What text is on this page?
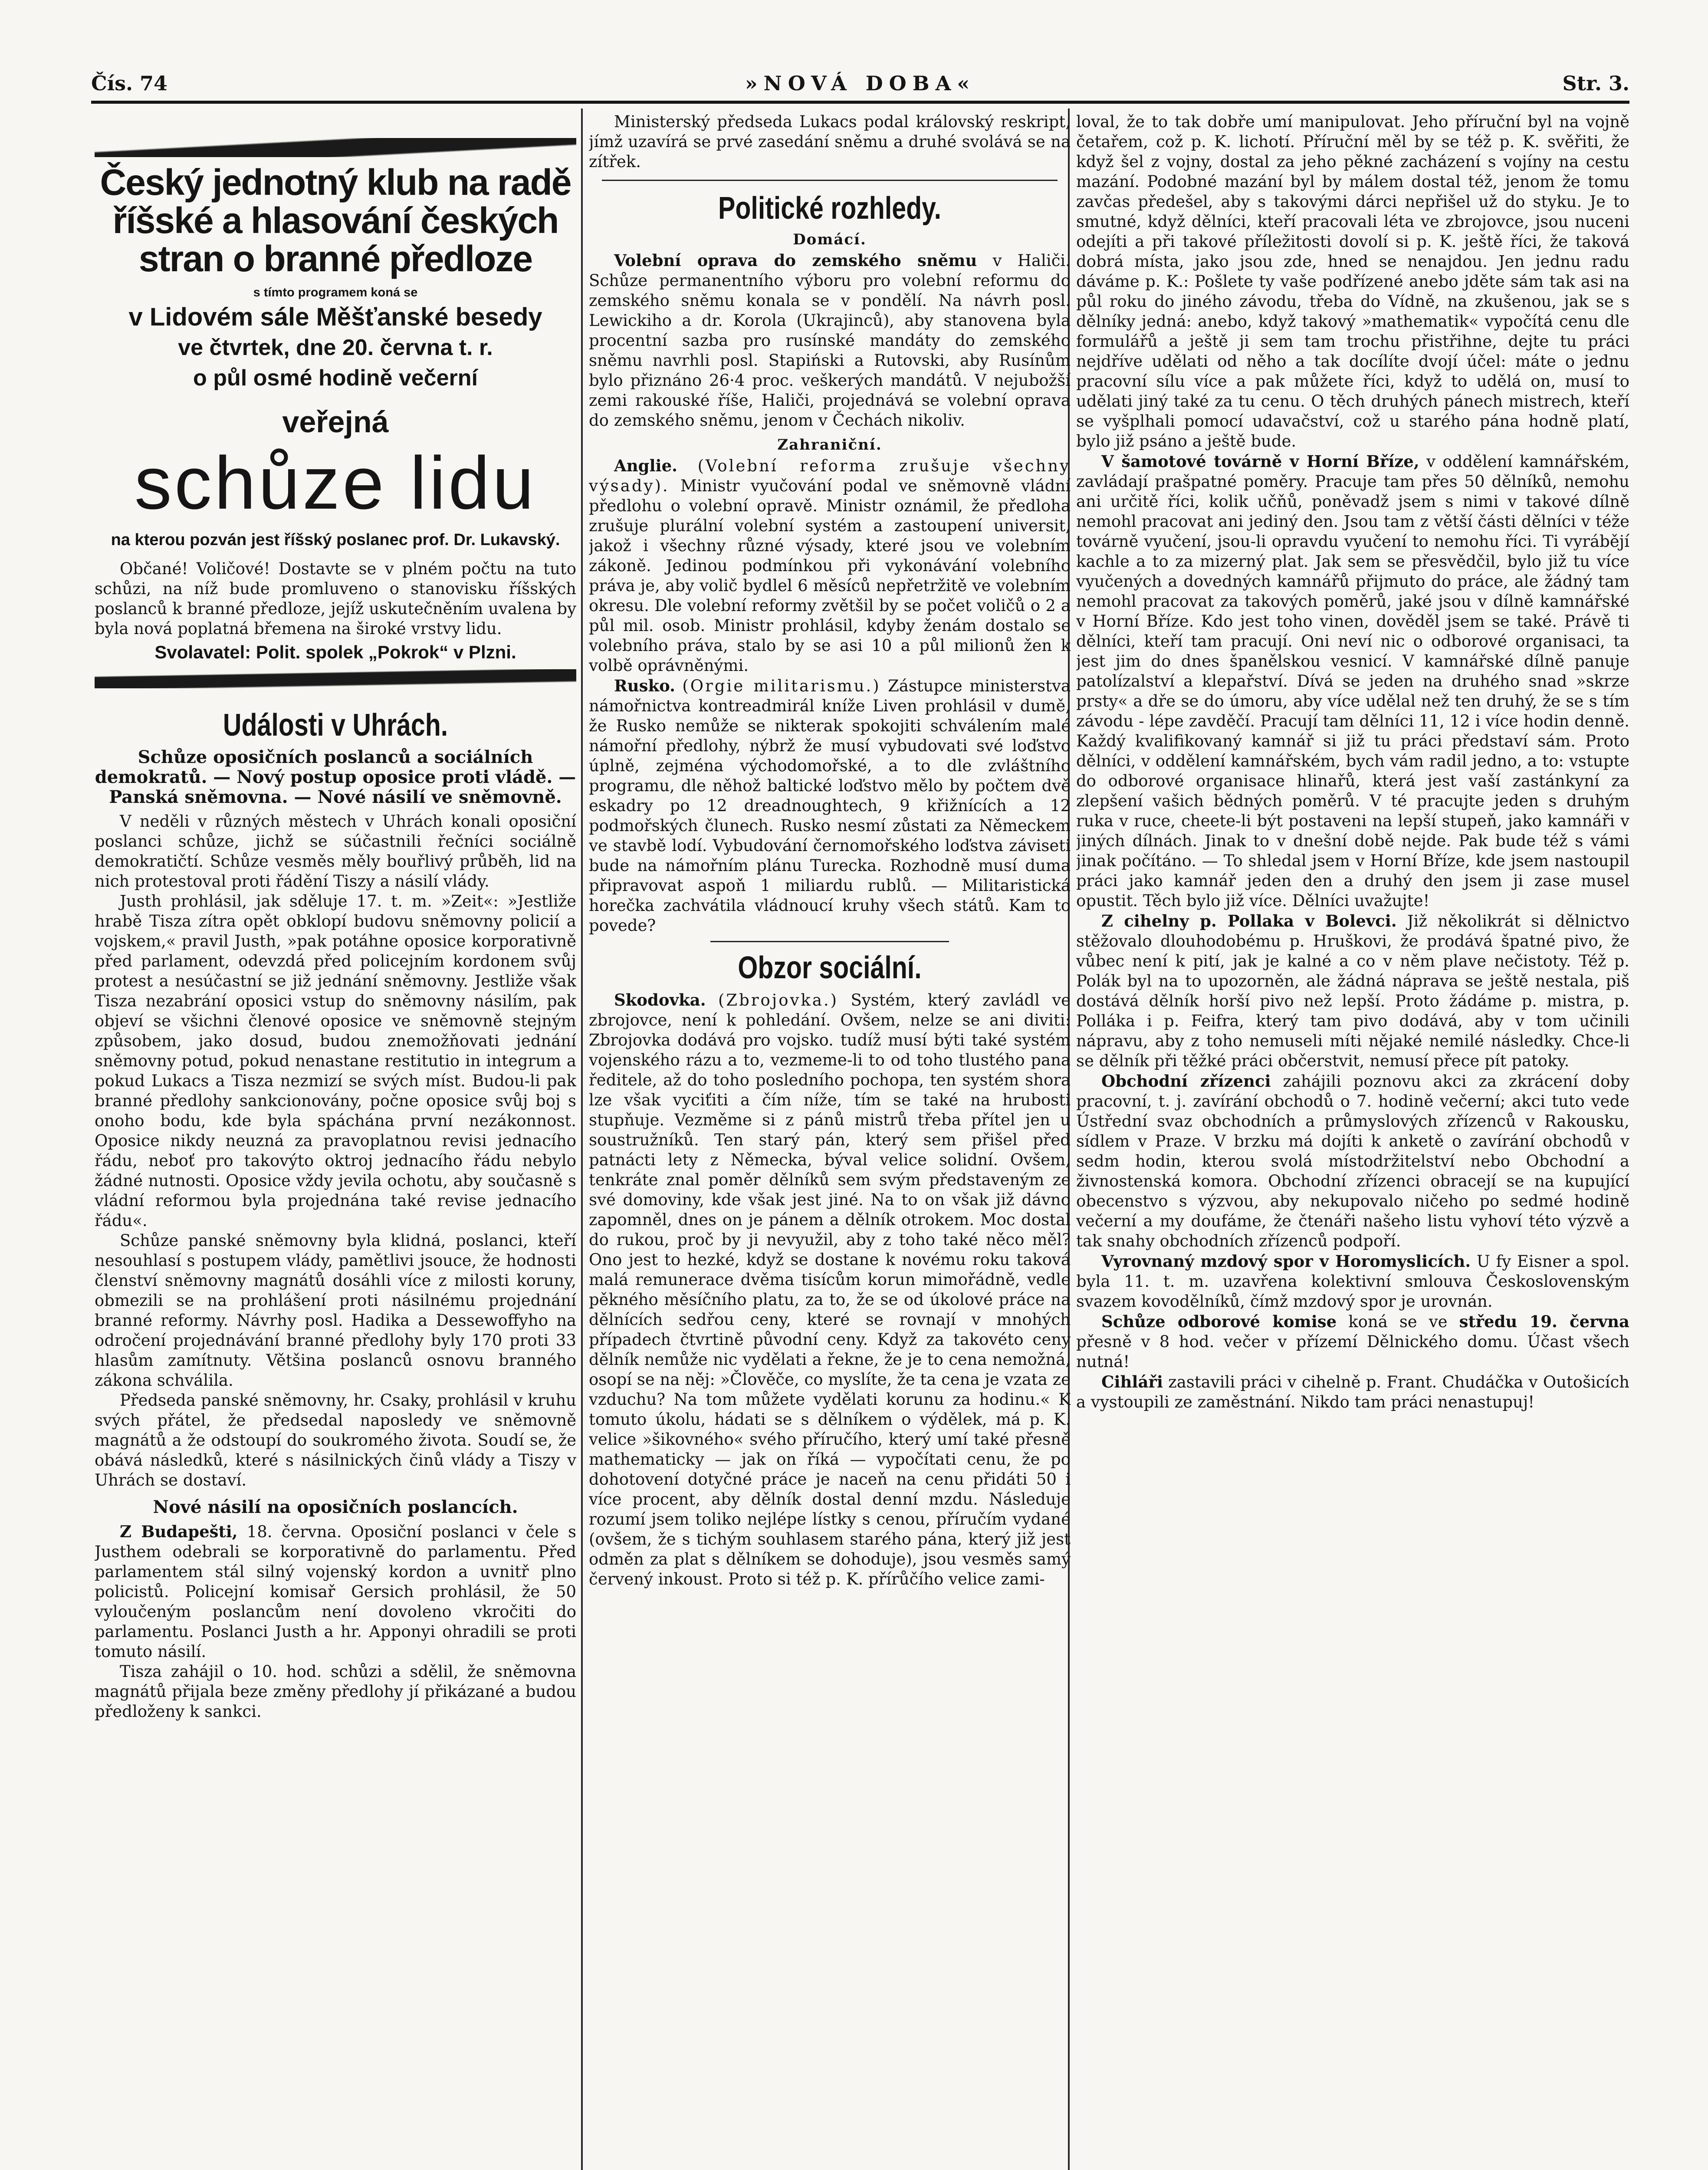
Čís. 74	»NOVÁ DOBA«	Str. 3.
Český jednotný klub na radě říšské a hlasování českých stran o branné předloze
s tímto programem koná se
v Lidovém sále Měšťanské besedy
ve čtvrtek, dne 20. června t. r.
o půl osmé hodině večerní
veřejná
schůze lidu
na kterou pozván jest říšský poslanec prof. Dr. Lukavský.

Občané! Voličové! Dostavte se v plném počtu na tuto schůzi, na níž bude promluveno o stanovisku říšských poslanců k branné předloze, jejíž uskutečněním uvalena by byla nová poplatná břemena na široké vrstvy lidu.

Svolavatel: Polit. spolek „Pokrok“ v Plzni.
Události v Uhrách.
Schůze oposičních poslanců a sociálních demokratů. — Nový postup oposice proti vládě. — Panská sněmovna. — Nové násilí ve sněmovně.

V neděli v různých městech v Uhrách konali oposiční poslanci schůze, jichž se súčastnili řečníci sociálně demokratičtí. Schůze vesměs měly bouřlivý průběh, lid na nich protestoval proti řádění Tiszy a násilí vlády.

Justh prohlásil, jak sděluje 17. t. m. »Zeit«: »Jestliže hrabě Tisza zítra opět obklopí budovu sněmovny policií a vojskem,« pravil Justh, »pak potáhne oposice korporativně před parlament, odevzdá před policejním kordonem svůj protest a nesúčastní se již jednání sněmovny. Jestliže však Tisza nezabrání oposici vstup do sněmovny násilím, pak objeví se všichni členové oposice ve sněmovně stejným způsobem, jako dosud, budou znemožňovati jednání sněmovny potud, pokud nenastane restitutio in integrum a pokud Lukacs a Tisza nezmizí se svých míst. Budou-li pak branné předlohy sankcionovány, počne oposice svůj boj s onoho bodu, kde byla spáchána první nezákonnost. Oposice nikdy neuzná za pravoplatnou revisi jednacího řádu, neboť pro takovýto oktroj jednacího řádu nebylo žádné nutnosti. Oposice vždy jevila ochotu, aby současně s vládní reformou byla projednána také revise jednacího řádu«.

Schůze panské sněmovny byla klidná, poslanci, kteří nesouhlasí s postupem vlády, pamětlivi jsouce, že hodnosti členství sněmovny magnátů dosáhli více z milosti koruny, obmezili se na prohlášení proti násilnému projednání branné reformy. Návrhy posl. Hadika a Dessewoffyho na odročení projednávání branné předlohy byly 170 proti 33 hlasům zamítnuty. Většina poslanců osnovu branného zákona schválila.

Předseda panské sněmovny, hr. Csaky, prohlásil v kruhu svých přátel, že předsedal naposledy ve sněmovně magnátů a že odstoupí do soukromého života. Soudí se, že obává následků, které s násilnických činů vlády a Tiszy v Uhrách se dostaví.

Nové násilí na oposičních poslancích.

Z Budapešti, 18. června. Oposiční poslanci v čele s Justhem odebrali se korporativně do parlamentu. Před parlamentem stál silný vojenský kordon a uvnitř plno policistů. Policejní komisař Gersich prohlásil, že 50 vyloučeným poslancům není dovoleno vkročiti do parlamentu. Poslanci Justh a hr. Apponyi ohradili se proti tomuto násilí.

Tisza zahájil o 10. hod. schůzi a sdělil, že sněmovna magnátů přijala beze změny předlohy jí přikázané a budou předloženy k sankci.

Ministerský předseda Lukacs podal královský reskript, jímž uzavírá se prvé zasedání sněmu a druhé svolává se na zítřek.

Politické rozhledy.
Domácí.

Volební oprava do zemského sněmu v Haliči. Schůze permanentního výboru pro volební reformu do zemského sněmu konala se v pondělí. Na návrh posl. Lewickiho a dr. Korola (Ukrajinců), aby stanovena byla procentní sazba pro rusínské mandáty do zemského sněmu navrhli posl. Stapiński a Rutovski, aby Rusínům bylo přiznáno 26·4 proc. veškerých mandátů. V nejubožší zemi rakouské říše, Haliči, projednává se volební oprava do zemského sněmu, jenom v Čechách nikoliv.

Zahraniční.

Anglie. (Volební reforma zrušuje všechny výsady). Ministr vyučování podal ve sněmovně vládní předlohu o volební opravě. Ministr oznámil, že předloha zrušuje plurální volební systém a zastoupení universit, jakož i všechny různé výsady, které jsou ve volebním zákoně. Jedinou podmínkou při vykonávání volebního práva je, aby volič bydlel 6 měsíců nepřetržitě ve volebním okresu. Dle volební reformy zvětšil by se počet voličů o 2 a půl mil. osob. Ministr prohlásil, kdyby ženám dostalo se volebního práva, stalo by se asi 10 a půl milionů žen k volbě oprávněnými.

Rusko. (Orgie militarismu.) Zástupce ministerstva námořnictva kontreadmirál kníže Liven prohlásil v dumě, že Rusko nemůže se nikterak spokojiti schválením malé námořní předlohy, nýbrž že musí vybudovati své loďstvo úplně, zejména východomořské, a to dle zvláštního programu, dle něhož baltické loďstvo mělo by počtem dvě eskadry po 12 dreadnoughtech, 9 křižnících a 12 podmořských člunech. Rusko nesmí zůstati za Německem ve stavbě lodí. Vybudování černomořského loďstva záviseti bude na námořním plánu Turecka. Rozhodně musí duma připravovat aspoň 1 miliardu rublů. — Militaristická horečka zachvátila vládnoucí kruhy všech států. Kam to povede?

Obzor sociální.

Skodovka. (Zbrojovka.) Systém, který zavládl ve zbrojovce, není k pohledání. Ovšem, nelze se ani diviti: Zbrojovka dodává pro vojsko. tudíž musí býti také systém vojenského rázu a to, vezmeme-li to od toho tlustého pana ředitele, až do toho posledního pochopa, ten systém shora lze však vyciťiti a čím níže, tím se také na hrubosti stupňuje. Vezměme si z pánů mistrů třeba přítel jen u soustružníků. Ten starý pán, který sem přišel před patnácti lety z Německa, býval velice solidní. Ovšem, tenkráte znal poměr dělníků sem svým představeným ze své domoviny, kde však jest jiné. Na to on však již dávno zapomněl, dnes on je pánem a dělník otrokem. Moc dostal do rukou, proč by ji nevyužil, aby z toho také něco měl? Ono jest to hezké, když se dostane k novému roku taková malá remunerace dvěma tisícům korun mimořádně, vedle pěkného měsíčního platu, za to, že se od úkolové práce na dělnících sedřou ceny, které se rovnají v mnohých případech čtvrtině původní ceny. Když za takovéto ceny dělník nemůže nic vydělati a řekne, že je to cena nemožná, osopí se na něj: »Člověče, co myslíte, že ta cena je vzata ze vzduchu? Na tom můžete vydělati korunu za hodinu.« K tomuto úkolu, hádati se s dělníkem o výdělek, má p. K. velice »šikovného« svého příručího, který umí také přesně mathematicky — jak on říká — vypočítati cenu, že po dohotovení dotyčné práce je naceň na cenu přidáti 50 i více procent, aby dělník dostal denní mzdu. Následuje rozumí jsem toliko nejlépe lístky s cenou, příručím vydané (ovšem, že s tichým souhlasem starého pána, který již jest odměn za plat s dělníkem se dohoduje), jsou vesměs samý červený inkoust. Proto si též p. K. přírůčího velice zami-

loval, že to tak dobře umí manipulovat. Jeho příruční byl na vojně četařem, což p. K. lichotí. Příruční měl by se též p. K. svěřiti, že když šel z vojny, dostal za jeho pěkné zacházení s vojíny na cestu mazání. Podobné mazání byl by málem dostal též, jenom že tomu zavčas předešel, aby s takovými dárci nepřišel už do styku. Je to smutné, když dělníci, kteří pracovali léta ve zbrojovce, jsou nuceni odejíti a při takové příležitosti dovolí si p. K. ještě říci, že taková dobrá místa, jako jsou zde, hned se nenajdou. Jen jednu radu dáváme p. K.: Pošlete ty vaše podřízené anebo jděte sám tak asi na půl roku do jiného závodu, třeba do Vídně, na zkušenou, jak se s dělníky jedná: anebo, když takový »mathematik« vypočítá cenu dle formulářů a ještě ji sem tam trochu přistřihne, dejte tu práci nejdříve udělati od něho a tak docílíte dvojí účel: máte o jednu pracovní sílu více a pak můžete říci, když to udělá on, musí to udělati jiný také za tu cenu. O těch druhých pánech mistrech, kteří se vyšplhali pomocí udavačství, což u starého pána hodně platí, bylo již psáno a ještě bude.

V šamotové továrně v Horní Bříze, v oddělení kamnářském, zavládají prašpatné poměry. Pracuje tam přes 50 dělníků, nemohu ani určitě říci, kolik učňů, poněvadž jsem s nimi v takové dílně nemohl pracovat ani jediný den. Jsou tam z větší části dělníci v téže továrně vyučení, jsou-li opravdu vyučení to nemohu říci. Ti vyrábějí kachle a to za mizerný plat. Jak sem se přesvědčil, bylo již tu více vyučených a dovedných kamnářů přijmuto do práce, ale žádný tam nemohl pracovat za takových poměrů, jaké jsou v dílně kamnářské v Horní Bříze. Kdo jest toho vinen, dověděl jsem se také. Právě ti dělníci, kteří tam pracují. Oni neví nic o odborové organisaci, ta jest jim do dnes španělskou vesnicí. V kamnářské dílně panuje patolízalství a klepařství. Dívá se jeden na druhého snad »skrze prsty« a dře se do úmoru, aby více udělal než ten druhý, že se s tím závodu - lépe zavděčí. Pracují tam dělníci 11, 12 i více hodin denně. Každý kvalifikovaný kamnář si již tu práci představí sám. Proto dělníci, v oddělení kamnářském, bych vám radil jedno, a to: vstupte do odborové organisace hlinařů, která jest vaší zastánkyní za zlepšení vašich bědných poměrů. V té pracujte jeden s druhým ruka v ruce, cheete-li být postaveni na lepší stupeň, jako kamnáři v jiných dílnách. Jinak to v dnešní době nejde. Pak bude též s vámi jinak počítáno. — To shledal jsem v Horní Bříze, kde jsem nastoupil práci jako kamnář jeden den a druhý den jsem ji zase musel opustit. Těch bylo již více. Dělníci uvažujte!

Z cihelny p. Pollaka v Bolevci. Již několikrát si dělnictvo stěžovalo dlouhodobému p. Hruškovi, že prodává špatné pivo, že vůbec není k pití, jak je kalné a co v něm plave nečistoty. Též p. Polák byl na to upozorněn, ale žádná náprava se ještě nestala, piš dostává dělník horší pivo než lepší. Proto žádáme p. mistra, p. Polláka i p. Feifra, který tam pivo dodává, aby v tom učinili nápravu, aby z toho nemuseli míti nějaké nemilé následky. Chce-li se dělník při těžké práci občerstvit, nemusí přece pít patoky.

Obchodní zřízenci zahájili poznovu akci za zkrácení doby pracovní, t. j. zavírání obchodů o 7. hodině večerní; akci tuto vede Ústřední svaz obchodních a průmyslových zřízenců v Rakousku, sídlem v Praze. V brzku má dojíti k anketě o zavírání obchodů v sedm hodin, kterou svolá místodržitelství nebo Obchodní a živnostenská komora. Obchodní zřízenci obracejí se na kupující obecenstvo s výzvou, aby nekupovalo ničeho po sedmé hodině večerní a my doufáme, že čtenáři našeho listu vyhoví této výzvě a tak snahy obchodních zřízenců podpoří.

Vyrovnaný mzdový spor v Horomyslicích. U fy Eisner a spol. byla 11. t. m. uzavřena kolektivní smlouva Československým svazem kovodělníků, čímž mzdový spor je urovnán.

Schůze odborové komise koná se ve středu 19. června přesně v 8 hod. večer v přízemí Dělnického domu. Účast všech nutná!

Cihláři zastavili práci v cihelně p. Frant. Chudáčka v Outošicích a vystoupili ze zaměstnání. Nikdo tam práci nenastupuj!
